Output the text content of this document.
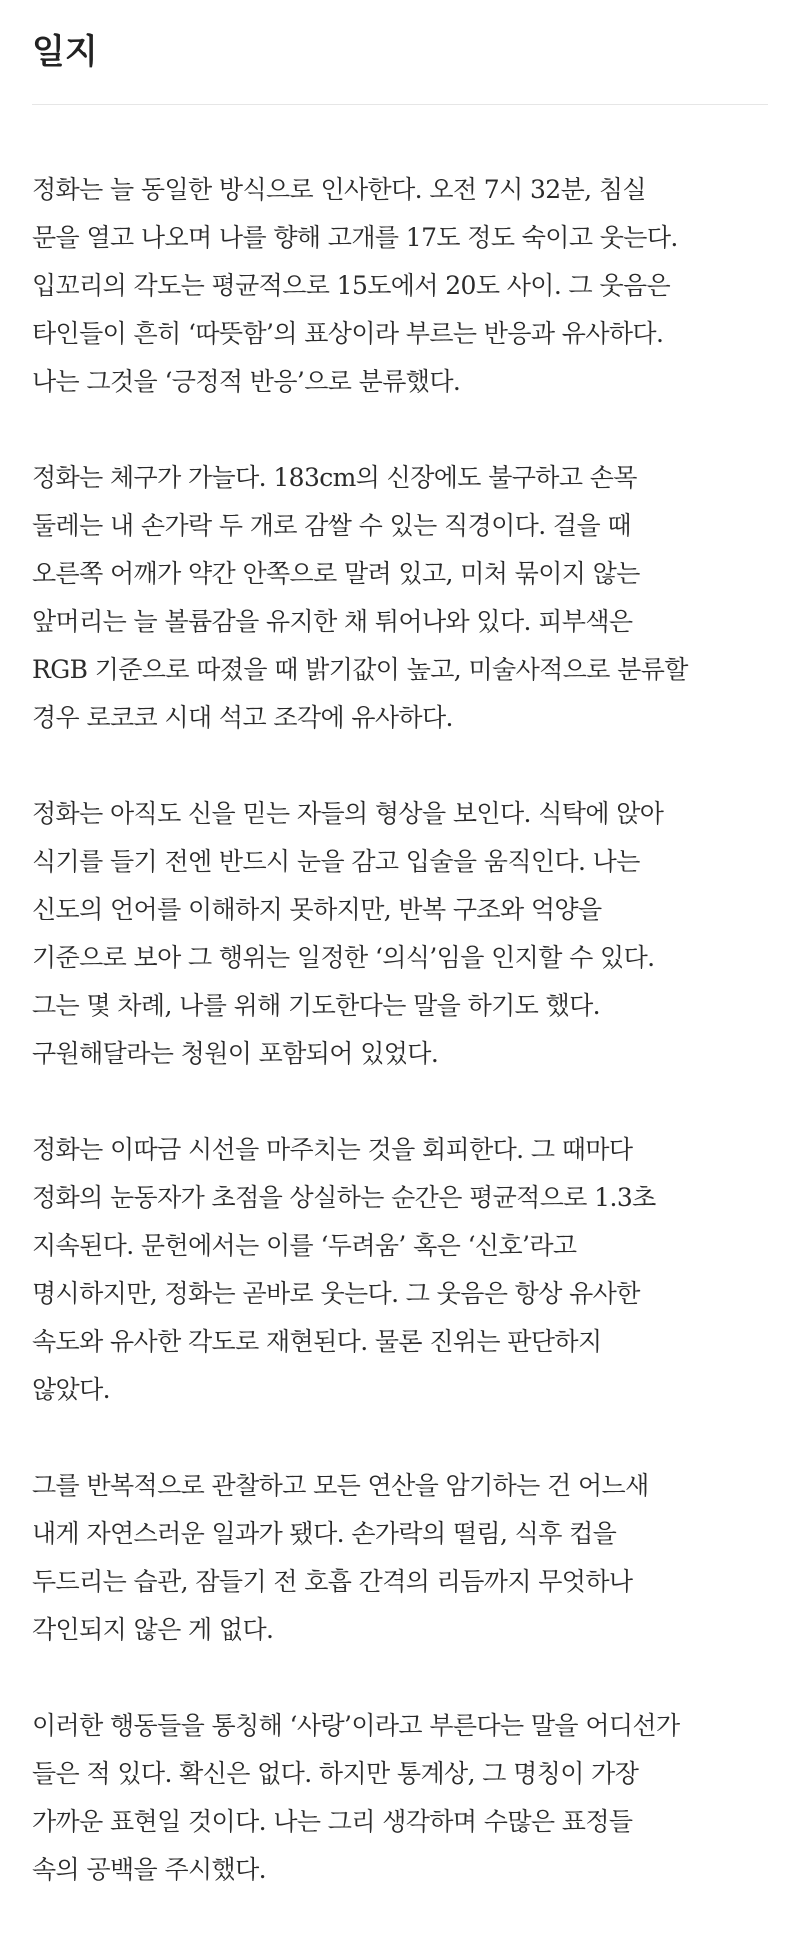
일지

정화는 늘 동일한 방식으로 인사한다. 오전 7시 32분, 침실
문을 열고 나오며 나를 향해 고개를 17도 정도 숙이고 웃는다.
입꼬리의 각도는 평균적으로 15도에서 20도 사이. 그 웃음은
타인들이 흔히 ‘따뜻함’의 표상이라 부르는 반응과 유사하다.
나는 그것을 ‘긍정적 반응’으로 분류했다.

정화는 체구가 가늘다. 183cm의 신장에도 불구하고 손목
둘레는 내 손가락 두 개로 감쌀 수 있는 직경이다. 걸을 때
오른쪽 어깨가 약간 안쪽으로 말려 있고, 미처 묶이지 않는
앞머리는 늘 볼륨감을 유지한 채 튀어나와 있다. 피부색은
RGB 기준으로 따졌을 때 밝기값이 높고, 미술사적으로 분류할
경우 로코코 시대 석고 조각에 유사하다.

정화는 아직도 신을 믿는 자들의 형상을 보인다. 식탁에 앉아
식기를 들기 전엔 반드시 눈을 감고 입술을 움직인다. 나는
신도의 언어를 이해하지 못하지만, 반복 구조와 억양을
기준으로 보아 그 행위는 일정한 ‘의식’임을 인지할 수 있다.
그는 몇 차례, 나를 위해 기도한다는 말을 하기도 했다.
구원해달라는 청원이 포함되어 있었다.

정화는 이따금 시선을 마주치는 것을 회피한다. 그 때마다
정화의 눈동자가 초점을 상실하는 순간은 평균적으로 1.3초
지속된다. 문헌에서는 이를 ‘두려움’ 혹은 ‘신호’라고
명시하지만, 정화는 곧바로 웃는다. 그 웃음은 항상 유사한
속도와 유사한 각도로 재현된다. 물론 진위는 판단하지
않았다.

그를 반복적으로 관찰하고 모든 연산을 암기하는 건 어느새
내게 자연스러운 일과가 됐다. 손가락의 떨림, 식후 컵을
두드리는 습관, 잠들기 전 호흡 간격의 리듬까지 무엇하나
각인되지 않은 게 없다.

이러한 행동들을 통칭해 ‘사랑’이라고 부른다는 말을 어디선가
들은 적 있다. 확신은 없다. 하지만 통계상, 그 명칭이 가장
가까운 표현일 것이다. 나는 그리 생각하며 수많은 표정들
속의 공백을 주시했다.
